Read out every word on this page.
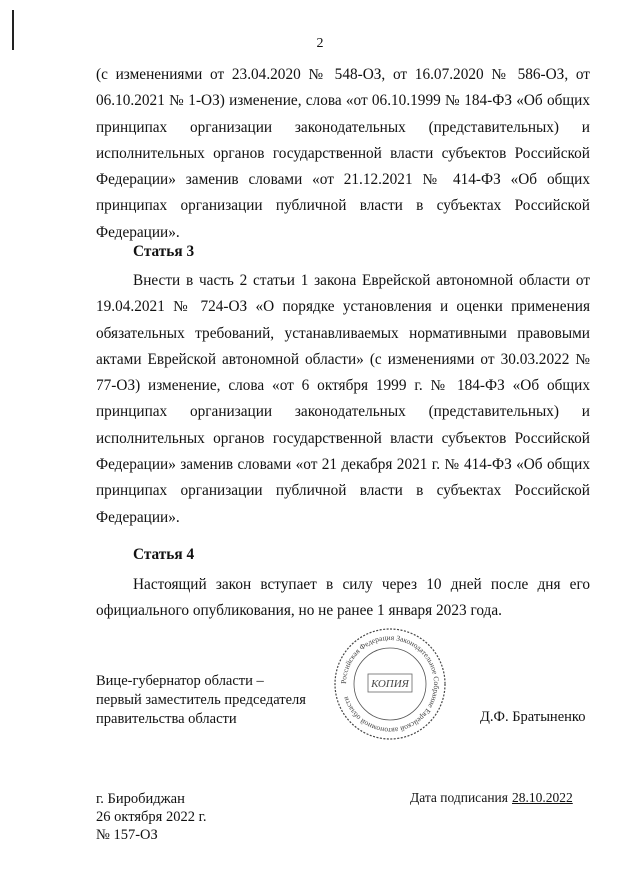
2
(с изменениями от 23.04.2020 № 548-ОЗ, от 16.07.2020 № 586-ОЗ, от 06.10.2021 № 1-ОЗ) изменение, слова «от 06.10.1999 № 184-ФЗ «Об общих принципах организации законодательных (представительных) и исполнительных органов государственной власти субъектов Российской Федерации» заменив словами «от 21.12.2021 № 414-ФЗ «Об общих принципах организации публичной власти в субъектах Российской Федерации».
Статья 3
Внести в часть 2 статьи 1 закона Еврейской автономной области от 19.04.2021 № 724-ОЗ «О порядке установления и оценки применения обязательных требований, устанавливаемых нормативными правовыми актами Еврейской автономной области» (с изменениями от 30.03.2022 № 77-ОЗ) изменение, слова «от 6 октября 1999 г. № 184-ФЗ «Об общих принципах организации законодательных (представительных) и исполнительных органов государственной власти субъектов Российской Федерации» заменив словами «от 21 декабря 2021 г. № 414-ФЗ «Об общих принципах организации публичной власти в субъектах Российской Федерации».
Статья 4
Настоящий закон вступает в силу через 10 дней после дня его официального опубликования, но не ранее 1 января 2023 года.
Российская Федерация Законодательное Собрание Еврейской автономной области
КОПИЯ
Вице-губернатор области –
первый заместитель председателя
правительства области	Д.Ф. Братыненко
г. Биробиджан
26 октября 2022 г.
№ 157-ОЗ
Дата подписания 28.10.2022
